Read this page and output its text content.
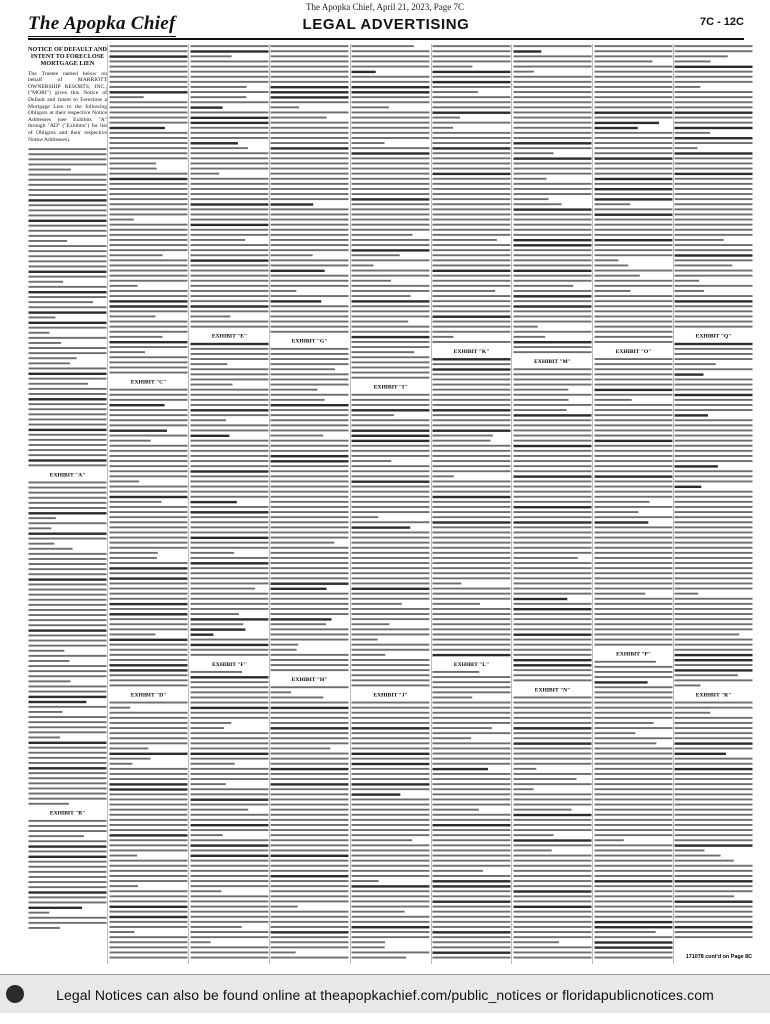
The Apopka Chief, April 21, 2023, Page 7C
The Apopka Chief	LEGAL ADVERTISING	7C - 12C
NOTICE OF DEFAULT AND INTENT TO FORECLOSE MORTGAGE LIEN
The Trustee named below on behalf of MARRIOTT OWNERSHIP RESORTS, INC., ("MORI") gives this Notice of Default and Intent to Foreclose a Mortgage Lien to the following Obligors at their respective Notice Addresses (see Exhibits "A" through "AD" ("Exhibits") for list of Obligors and their respective Notice Addresses).
EXHIBIT "A"
EXHIBIT "B"
EXHIBIT "C"
EXHIBIT "D"
EXHIBIT "E"
EXHIBIT "F"
EXHIBIT "G"
EXHIBIT "H"
EXHIBIT "I"
EXHIBIT "J"
EXHIBIT "K"
EXHIBIT "L"
EXHIBIT "M"
EXHIBIT "N"
EXHIBIT "O"
EXHIBIT "P"
EXHIBIT "Q"
EXHIBIT "R"
171078 cont'd on Page 8C
Legal Notices can also be found online at theapopkachief.com/public_notices or floridapublicnotices.com
